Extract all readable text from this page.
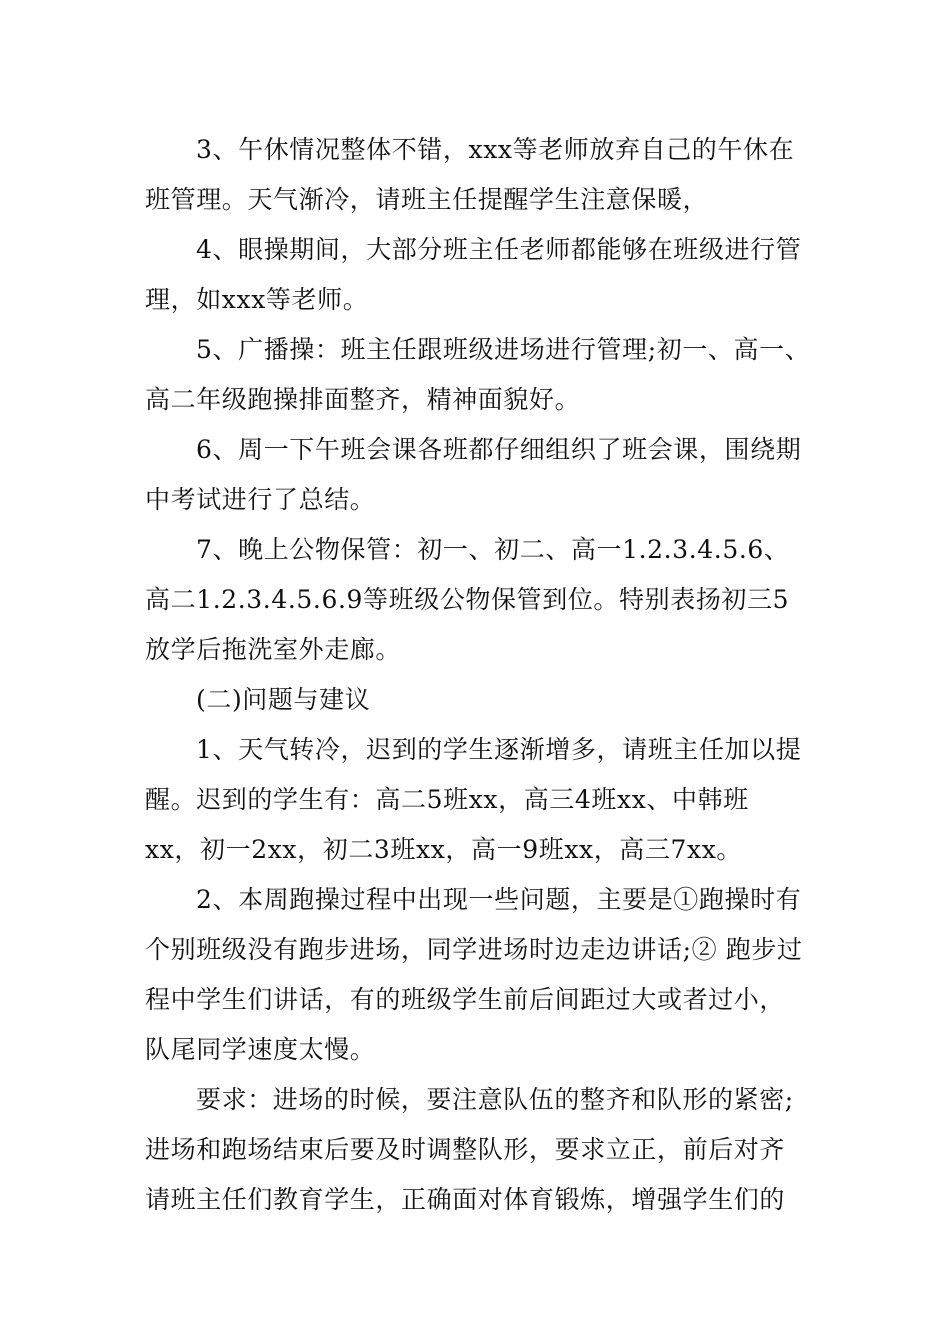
3、午休情况整体不错，xxx等老师放弃自己的午休在
班管理。天气渐冷，请班主任提醒学生注意保暖，
4、眼操期间，大部分班主任老师都能够在班级进行管
理，如xxx等老师。
5、广播操：班主任跟班级进场进行管理;初一、高一、
高二年级跑操排面整齐，精神面貌好。
6、周一下午班会课各班都仔细组织了班会课，围绕期
中考试进行了总结。
7、晚上公物保管：初一、初二、高一1.2.3.4.5.6、
高二1.2.3.4.5.6.9等班级公物保管到位。特别表扬初三5
放学后拖洗室外走廊。
(二)问题与建议
1、天气转冷，迟到的学生逐渐增多，请班主任加以提
醒。迟到的学生有：高二5班xx，高三4班xx、中韩班
xx，初一2xx，初二3班xx，高一9班xx，高三7xx。
2、本周跑操过程中出现一些问题，主要是①跑操时有
个别班级没有跑步进场，同学进场时边走边讲话;② 跑步过
程中学生们讲话，有的班级学生前后间距过大或者过小，
队尾同学速度太慢。
要求：进场的时候，要注意队伍的整齐和队形的紧密;
进场和跑场结束后要及时调整队形，要求立正，前后对齐
请班主任们教育学生，正确面对体育锻炼，增强学生们的
